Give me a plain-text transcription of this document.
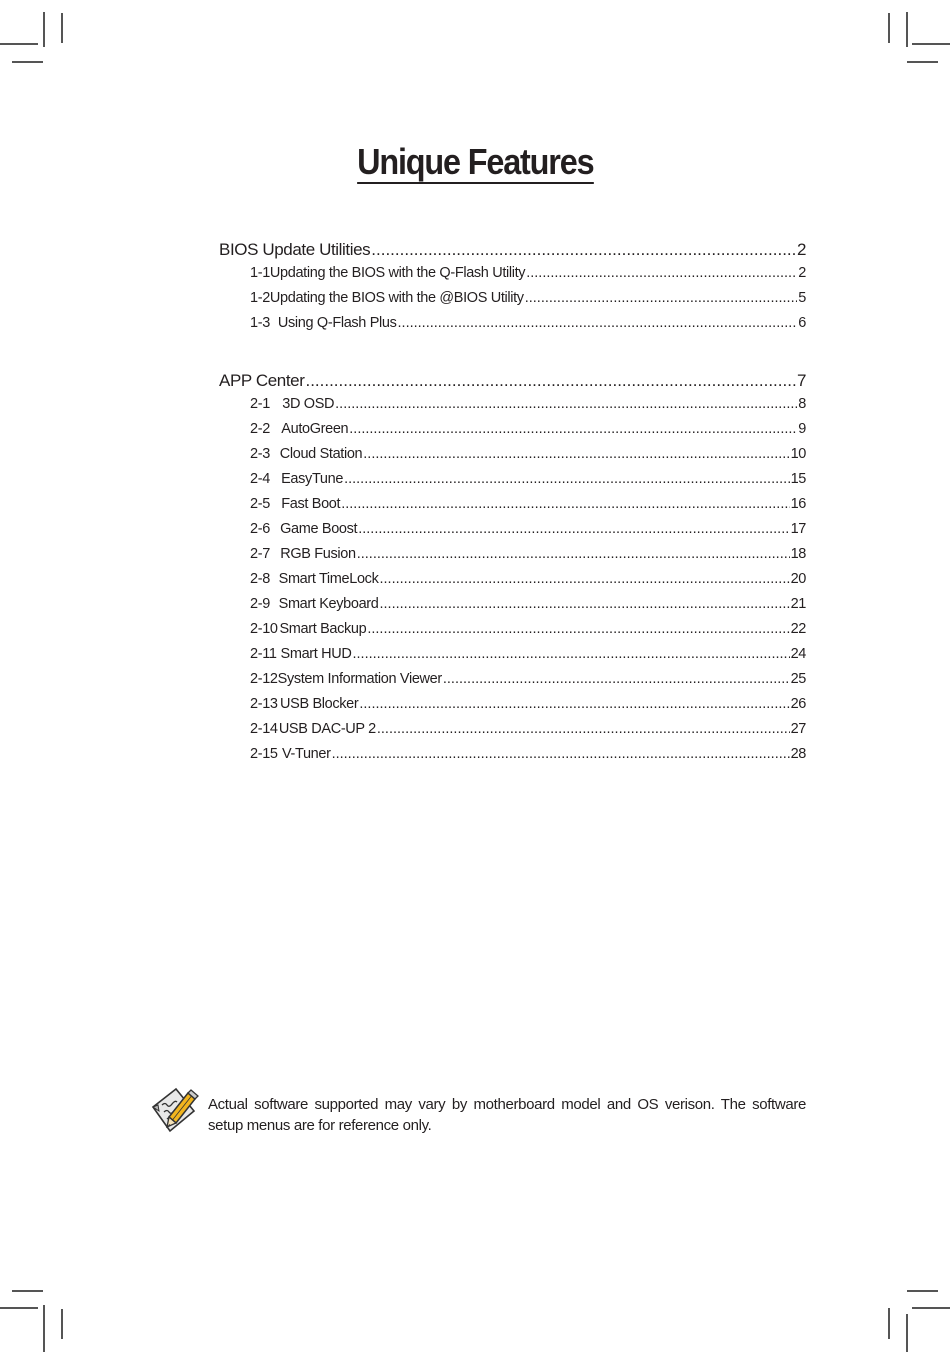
Unique Features
BIOS Update Utilities .....	2
1-1 Updating the BIOS with the Q-Flash Utility .....	2
1-2 Updating the BIOS with the @BIOS Utility .....	5
1-3 Using Q-Flash Plus .....	6
APP Center .....	7
2-1 3D OSD .....	8
2-2 AutoGreen .....	9
2-3 Cloud Station .....	10
2-4 EasyTune .....	15
2-5 Fast Boot .....	16
2-6 Game Boost .....	17
2-7 RGB Fusion .....	18
2-8 Smart TimeLock .....	20
2-9 Smart Keyboard .....	21
2-10 Smart Backup .....	22
2-11 Smart HUD .....	24
2-12 System Information Viewer .....	25
2-13 USB Blocker .....	26
2-14 USB DAC-UP 2 .....	27
2-15 V-Tuner .....	28
Actual software supported may vary by motherboard model and OS verison. The software setup menus are for reference only.
